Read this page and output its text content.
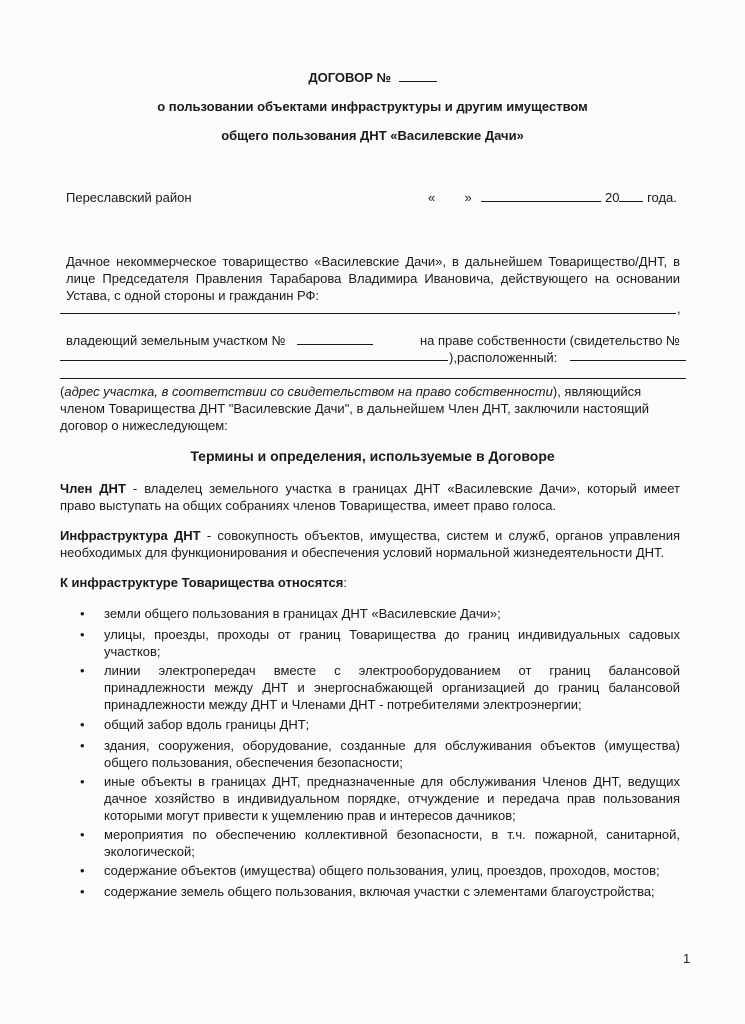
ДОГОВОР №
о пользовании объектами инфраструктуры и другим имуществом
общего пользования ДНТ «Василевские Дачи»
Переславский район	« »	20 года.
Дачное некоммерческое товарищество «Василевские Дачи», в дальнейшем Товарищество/ДНТ, в
лице Председателя Правления Тарабарова Владимира Ивановича, действующего на основании
Устава, с одной стороны и гражданин РФ:
,
владеющий земельным участком №	на праве собственности (свидетельство №
),расположенный:
(адрес участка, в соответствии со свидетельством на право собственности), являющийся
членом Товарищества ДНТ "Василевские Дачи", в дальнейшем Член ДНТ, заключили настоящий
договор о нижеследующем:
Термины и определения, используемые в Договоре
Член ДНТ - владелец земельного участка в границах ДНТ «Василевские Дачи», который имеет
право выступать на общих собраниях членов Товарищества, имеет право голоса.
Инфраструктура ДНТ - совокупность объектов, имущества, систем и служб, органов управления
необходимых для функционирования и обеспечения условий нормальной жизнедеятельности ДНТ.
К инфраструктуре Товарищества относятся:
• земли общего пользования в границах ДНТ «Василевские Дачи»;
• улицы, проезды, проходы от границ Товарищества до границ индивидуальных садовых
участков;
• линии электропередач вместе с электрооборудованием от границ балансовой
принадлежности между ДНТ и энергоснабжающей организацией до границ балансовой
принадлежности между ДНТ и Членами ДНТ - потребителями электроэнергии;
• общий забор вдоль границы ДНТ;
• здания, сооружения, оборудование, созданные для обслуживания объектов (имущества)
общего пользования, обеспечения безопасности;
• иные объекты в границах ДНТ, предназначенные для обслуживания Членов ДНТ, ведущих
дачное хозяйство в индивидуальном порядке, отчуждение и передача прав пользования
которыми могут привести к ущемлению прав и интересов дачников;
• мероприятия по обеспечению коллективной безопасности, в т.ч. пожарной, санитарной,
экологической;
• содержание объектов (имущества) общего пользования, улиц, проездов, проходов, мостов;
• содержание земель общего пользования, включая участки с элементами благоустройства;
1
